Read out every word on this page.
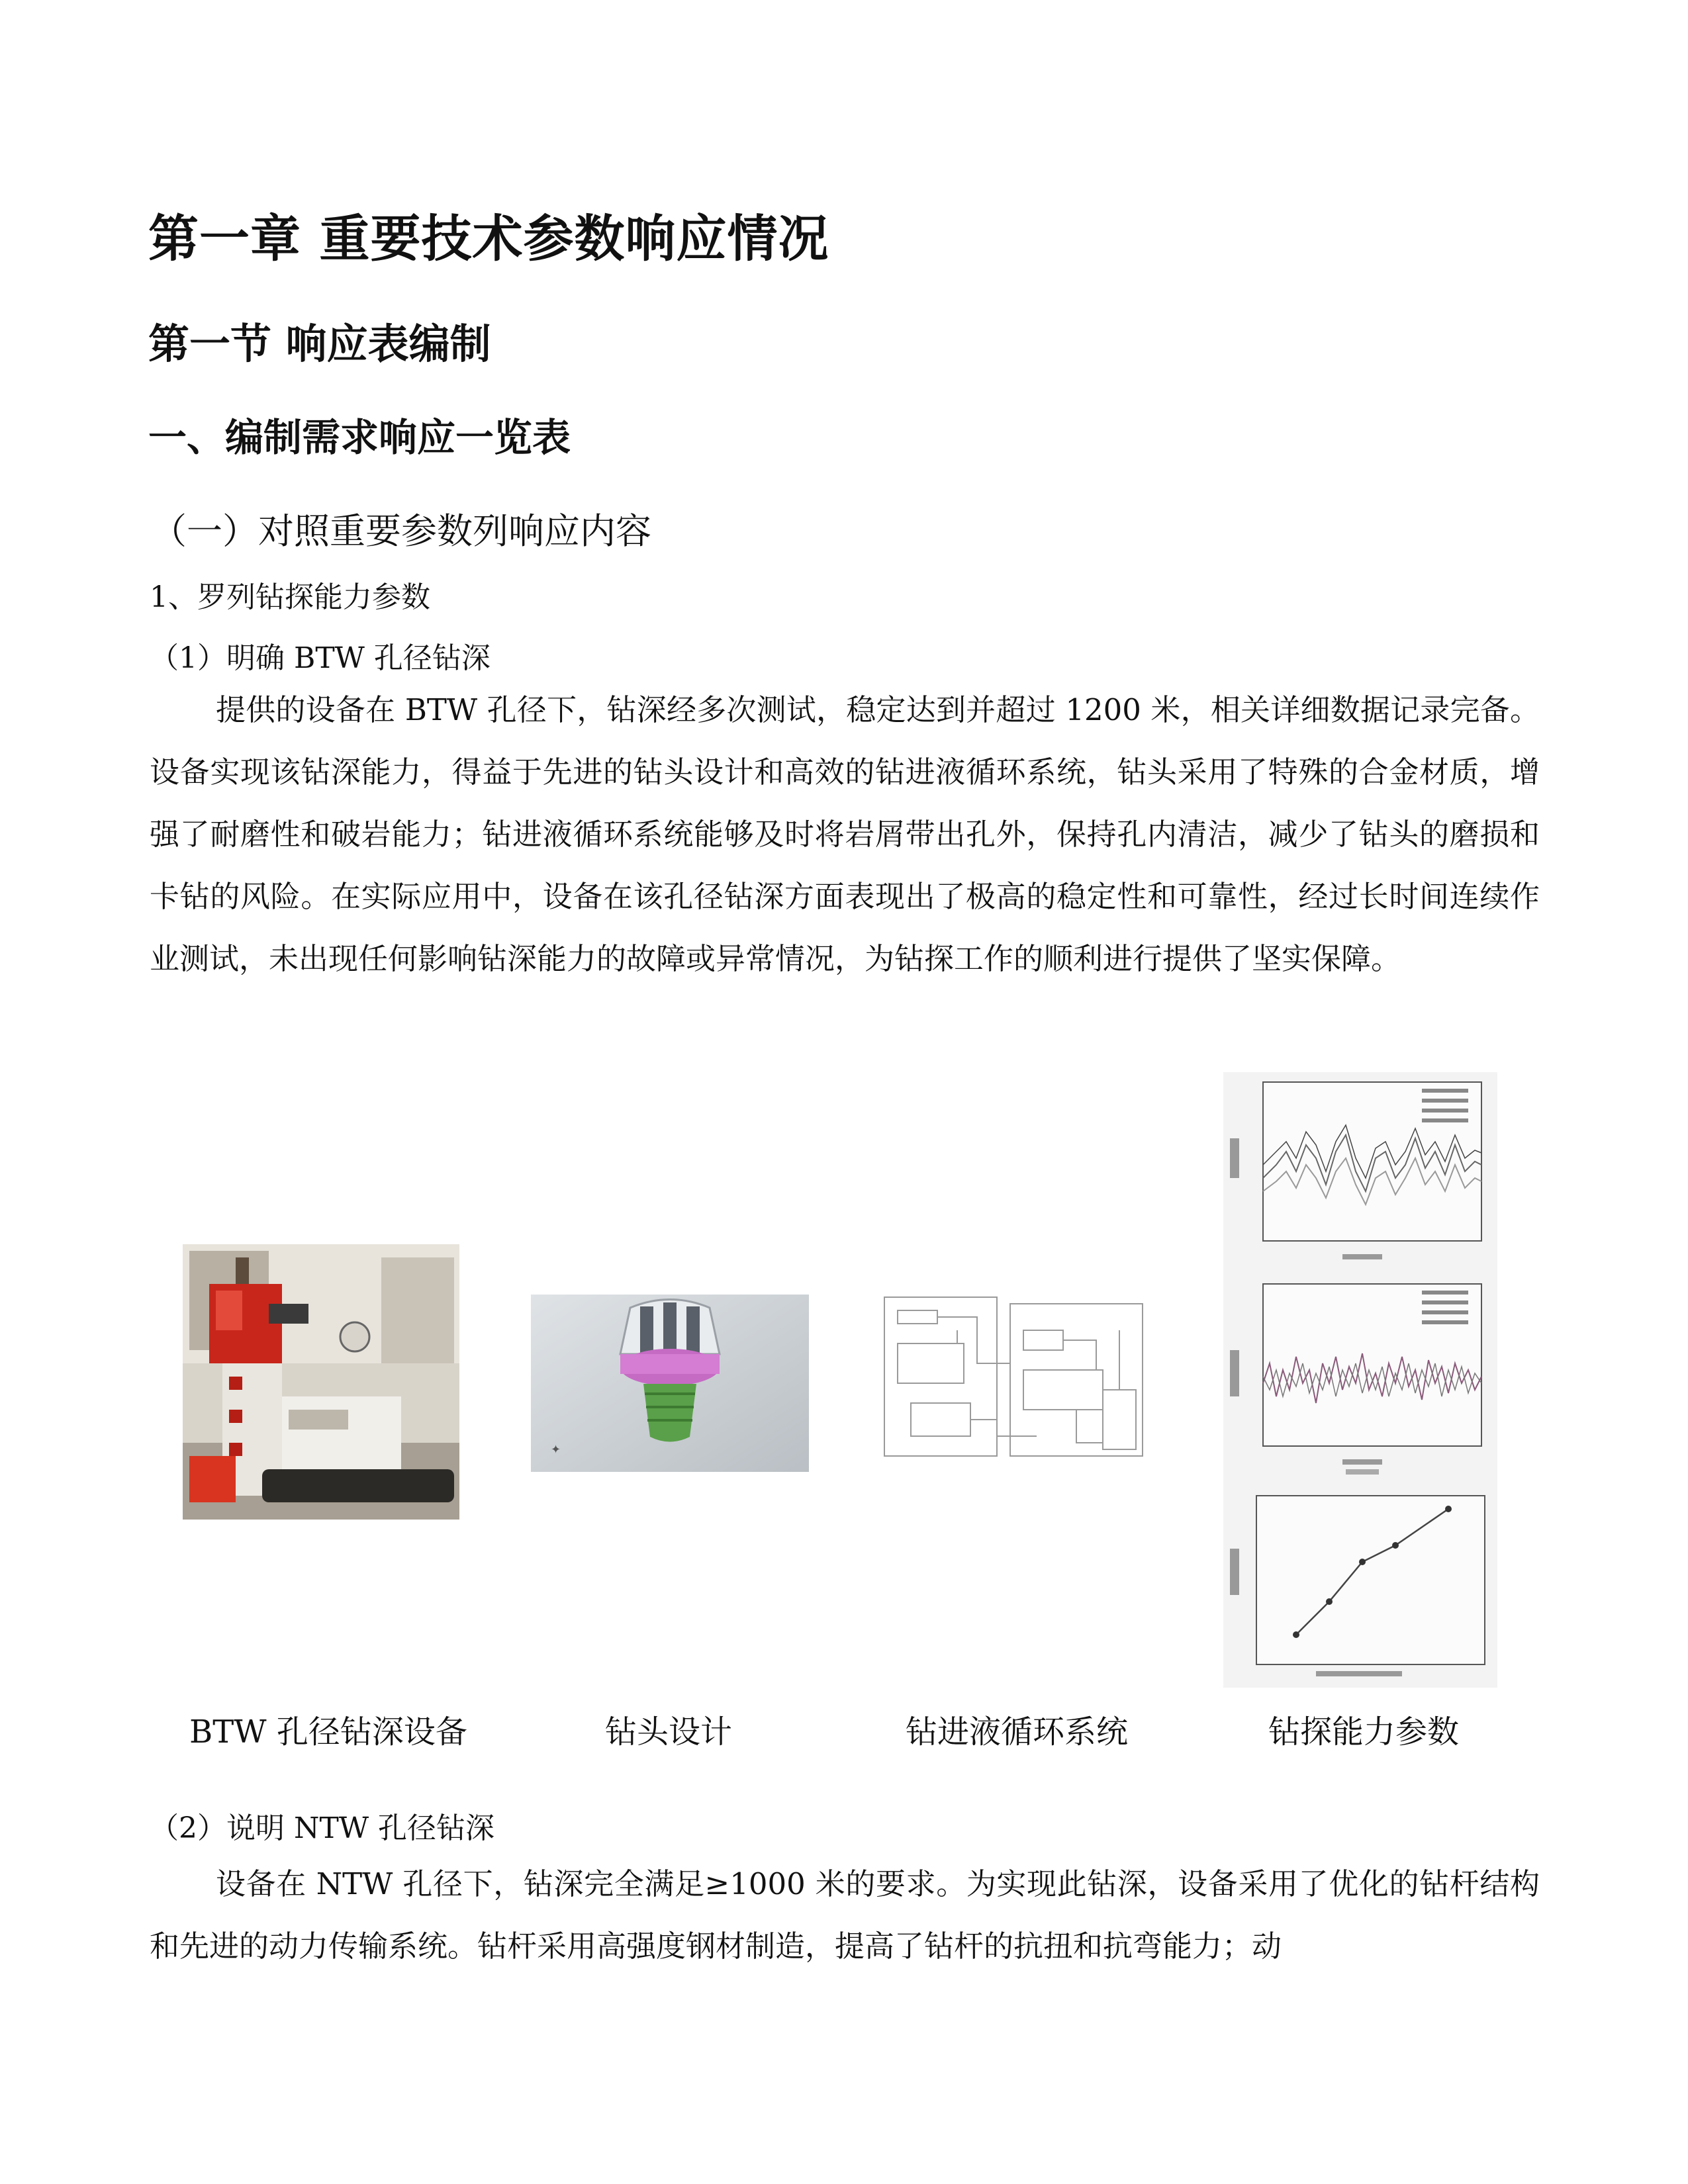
第一章 重要技术参数响应情况
第一节 响应表编制
一、编制需求响应一览表
（一）对照重要参数列响应内容
1、罗列钻探能力参数
（1）明确 BTW 孔径钻深
提供的设备在 BTW 孔径下，钻深经多次测试，稳定达到并超过 1200 米，相关详细数据记录完备。设备实现该钻深能力，得益于先进的钻头设计和高效的钻进液循环系统，钻头采用了特殊的合金材质，增强了耐磨性和破岩能力；钻进液循环系统能够及时将岩屑带出孔外，保持孔内清洁，减少了钻头的磨损和卡钻的风险。在实际应用中，设备在该孔径钻深方面表现出了极高的稳定性和可靠性，经过长时间连续作业测试，未出现任何影响钻深能力的故障或异常情况，为钻探工作的顺利进行提供了坚实保障。
✦
BTW 孔径钻深设备	钻头设计	钻进液循环系统	钻探能力参数
（2）说明 NTW 孔径钻深
设备在 NTW 孔径下，钻深完全满足≥1000 米的要求。为实现此钻深，设备采用了优化的钻杆结构和先进的动力传输系统。钻杆采用高强度钢材制造，提高了钻杆的抗扭和抗弯能力；动
